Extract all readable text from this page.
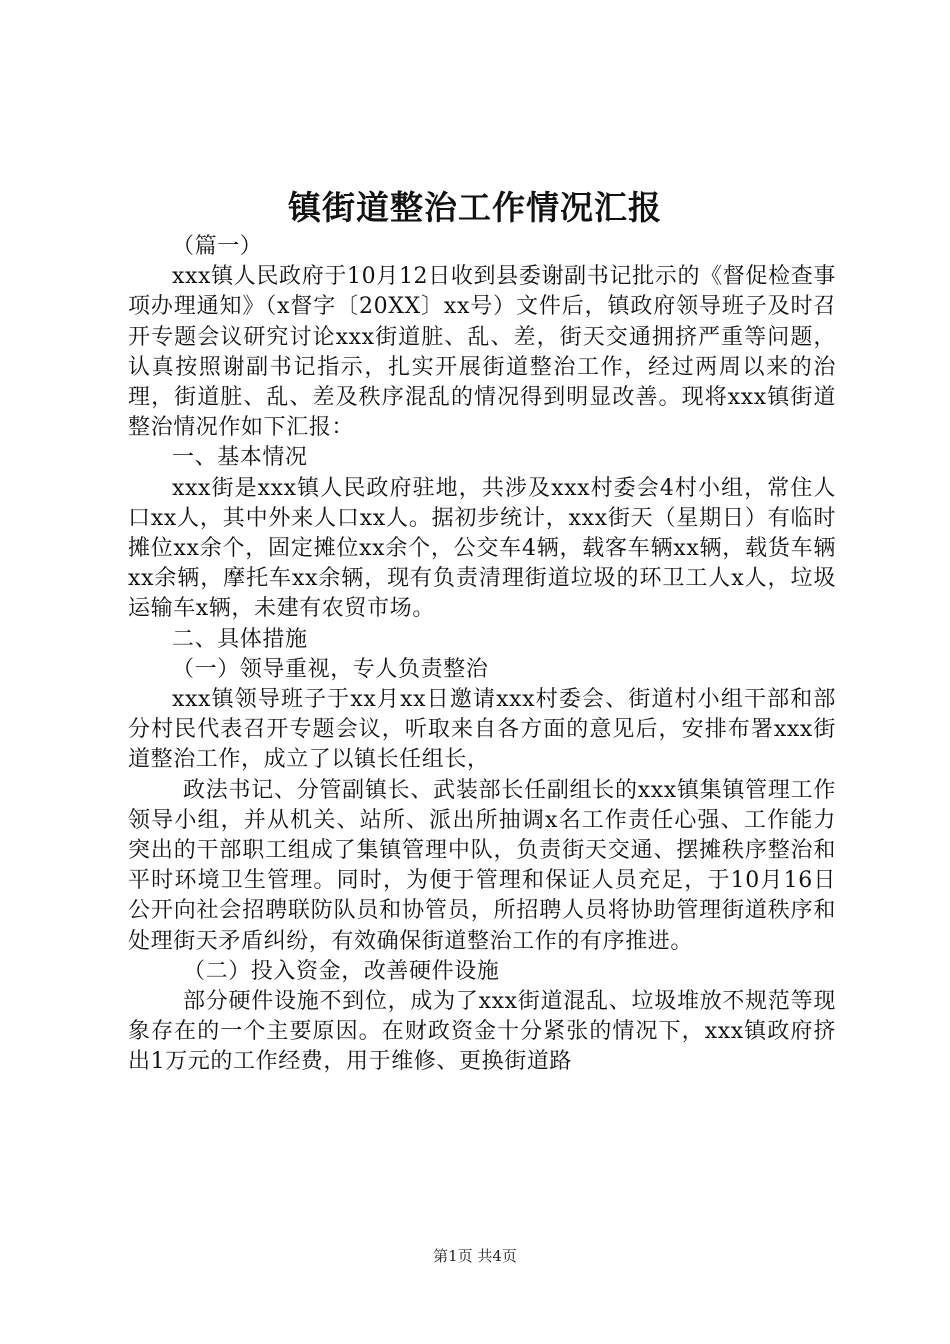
镇街道整治工作情况汇报

（篇一）

xxx镇人民政府于10月12日收到县委谢副书记批示的《督促检查事项办理通知》（x督字〔20XX〕xx号）文件后，镇政府领导班子及时召开专题会议研究讨论xxx街道脏、乱、差，街天交通拥挤严重等问题，认真按照谢副书记指示，扎实开展街道整治工作，经过两周以来的治理，街道脏、乱、差及秩序混乱的情况得到明显改善。现将xxx镇街道整治情况作如下汇报：

一、基本情况

xxx街是xxx镇人民政府驻地，共涉及xxx村委会4村小组，常住人口xx人，其中外来人口xx人。据初步统计，xxx街天（星期日）有临时摊位xx余个，固定摊位xx余个，公交车4辆，载客车辆xx辆，载货车辆xx余辆，摩托车xx余辆，现有负责清理街道垃圾的环卫工人x人，垃圾运输车x辆，未建有农贸市场。

二、具体措施

（一）领导重视，专人负责整治

xxx镇领导班子于xx月xx日邀请xxx村委会、街道村小组干部和部分村民代表召开专题会议，听取来自各方面的意见后，安排布署xxx街道整治工作，成立了以镇长任组长，

政法书记、分管副镇长、武装部长任副组长的xxx镇集镇管理工作领导小组，并从机关、站所、派出所抽调x名工作责任心强、工作能力突出的干部职工组成了集镇管理中队，负责街天交通、摆摊秩序整治和平时环境卫生管理。同时，为便于管理和保证人员充足，于10月16日公开向社会招聘联防队员和协管员，所招聘人员将协助管理街道秩序和处理街天矛盾纠纷，有效确保街道整治工作的有序推进。

（二）投入资金，改善硬件设施

部分硬件设施不到位，成为了xxx街道混乱、垃圾堆放不规范等现象存在的一个主要原因。在财政资金十分紧张的情况下，xxx镇政府挤出1万元的工作经费，用于维修、更换街道路

第1页 共4页
